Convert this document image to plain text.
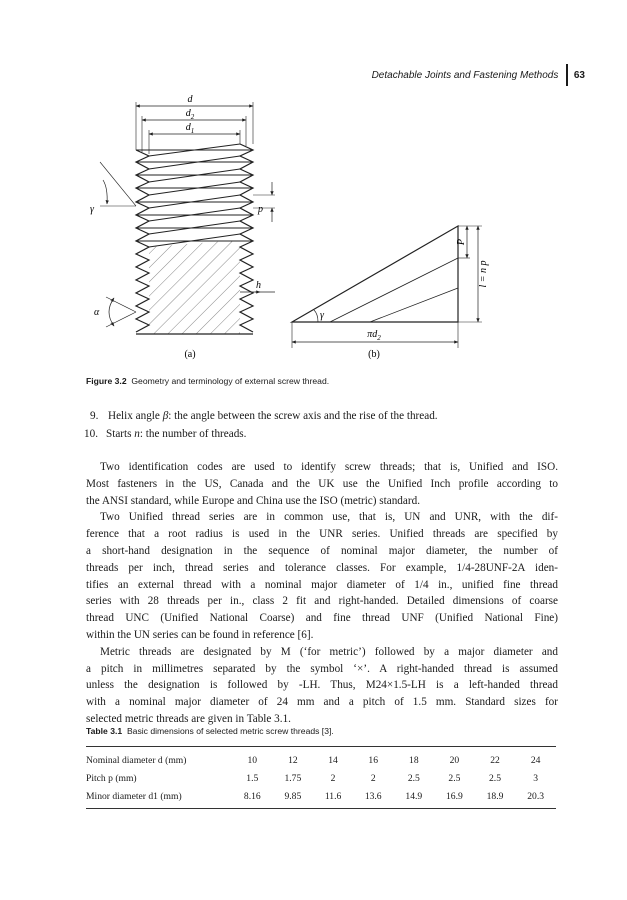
Detachable Joints and Fastening Methods 63
d
$d_2$
$d_1$
γ	p
h
α
(a)
γ
$\pi d_2$
P
l = n p
(b)
Figure 3.2 Geometry and terminology of external screw thread.
9. Helix angle β: the angle between the screw axis and the rise of the thread.
10. Starts n: the number of threads.
Two identification codes are used to identify screw threads; that is, Unified and ISO.
Most fasteners in the US, Canada and the UK use the Unified Inch profile according to
the ANSI standard, while Europe and China use the ISO (metric) standard.
Two Unified thread series are in common use, that is, UN and UNR, with the dif-
ference that a root radius is used in the UNR series. Unified threads are specified by
a short-hand designation in the sequence of nominal major diameter, the number of
threads per inch, thread series and tolerance classes. For example, 1/4-28UNF-2A iden-
tifies an external thread with a nominal major diameter of 1/4 in., unified fine thread
series with 28 threads per in., class 2 fit and right-handed. Detailed dimensions of coarse
thread UNC (Unified National Coarse) and fine thread UNF (Unified National Fine)
within the UN series can be found in reference [6].
Metric threads are designated by M (‘for metric’) followed by a major diameter and
a pitch in millimetres separated by the symbol ‘×’. A right-handed thread is assumed
unless the designation is followed by -LH. Thus, M24×1.5-LH is a left-handed thread
with a nominal major diameter of 24 mm and a pitch of 1.5 mm. Standard sizes for
selected metric threads are given in Table 3.1.
Table 3.1 Basic dimensions of selected metric screw threads [3].
Nominal diameter d (mm)	10	12	14	16	18	20	22	24
Pitch p (mm)	1.5	1.75	2	2	2.5	2.5	2.5	3
Minor diameter d1 (mm)	8.16	9.85	11.6	13.6	14.9	16.9	18.9	20.3
